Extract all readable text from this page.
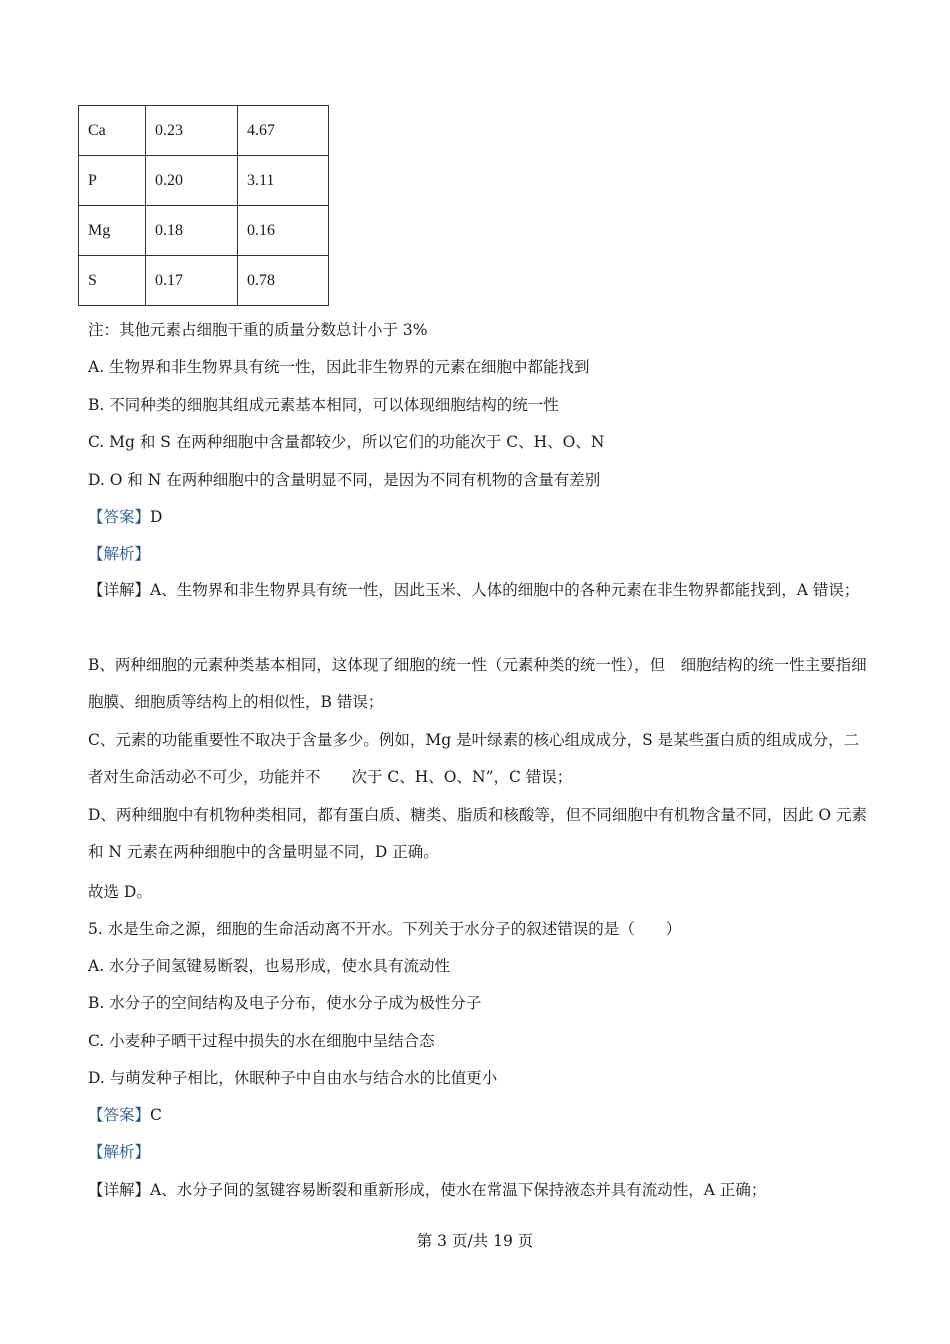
Ca	0.23	4.67
P	0.20	3.11
Mg	0.18	0.16
S	0.17	0.78
注：其他元素占细胞干重的质量分数总计小于 3%
A. 生物界和非生物界具有统一性，因此非生物界的元素在细胞中都能找到
B. 不同种类的细胞其组成元素基本相同，可以体现细胞结构的统一性
C. Mg 和 S 在两种细胞中含量都较少，所以它们的功能次于 C、H、O、N
D. O 和 N 在两种细胞中的含量明显不同，是因为不同有机物的含量有差别
【答案】D
【解析】
【详解】A、生物界和非生物界具有统一性，因此玉米、人体的细胞中的各种元素在非生物界都能找到，A 错误；
B、两种细胞的元素种类基本相同，这体现了细胞的统一性（元素种类的统一性），但　细胞结构的统一性主要指细胞膜、细胞质等结构上的相似性，B 错误；
C、元素的功能重要性不取决于含量多少。例如，Mg 是叶绿素的核心组成成分，S 是某些蛋白质的组成成分，二者对生命活动必不可少，功能并不　　次于 C、H、O、N”，C 错误；
D、两种细胞中有机物种类相同，都有蛋白质、糖类、脂质和核酸等，但不同细胞中有机物含量不同，因此 O 元素和 N 元素在两种细胞中的含量明显不同，D 正确。
故选 D。
5. 水是生命之源，细胞的生命活动离不开水。下列关于水分子的叙述错误的是（　　）
A. 水分子间氢键易断裂，也易形成，使水具有流动性
B. 水分子的空间结构及电子分布，使水分子成为极性分子
C. 小麦种子晒干过程中损失的水在细胞中呈结合态
D. 与萌发种子相比，休眠种子中自由水与结合水的比值更小
【答案】C
【解析】
【详解】A、水分子间的氢键容易断裂和重新形成，使水在常温下保持液态并具有流动性，A 正确；
第 3 页/共 19 页
